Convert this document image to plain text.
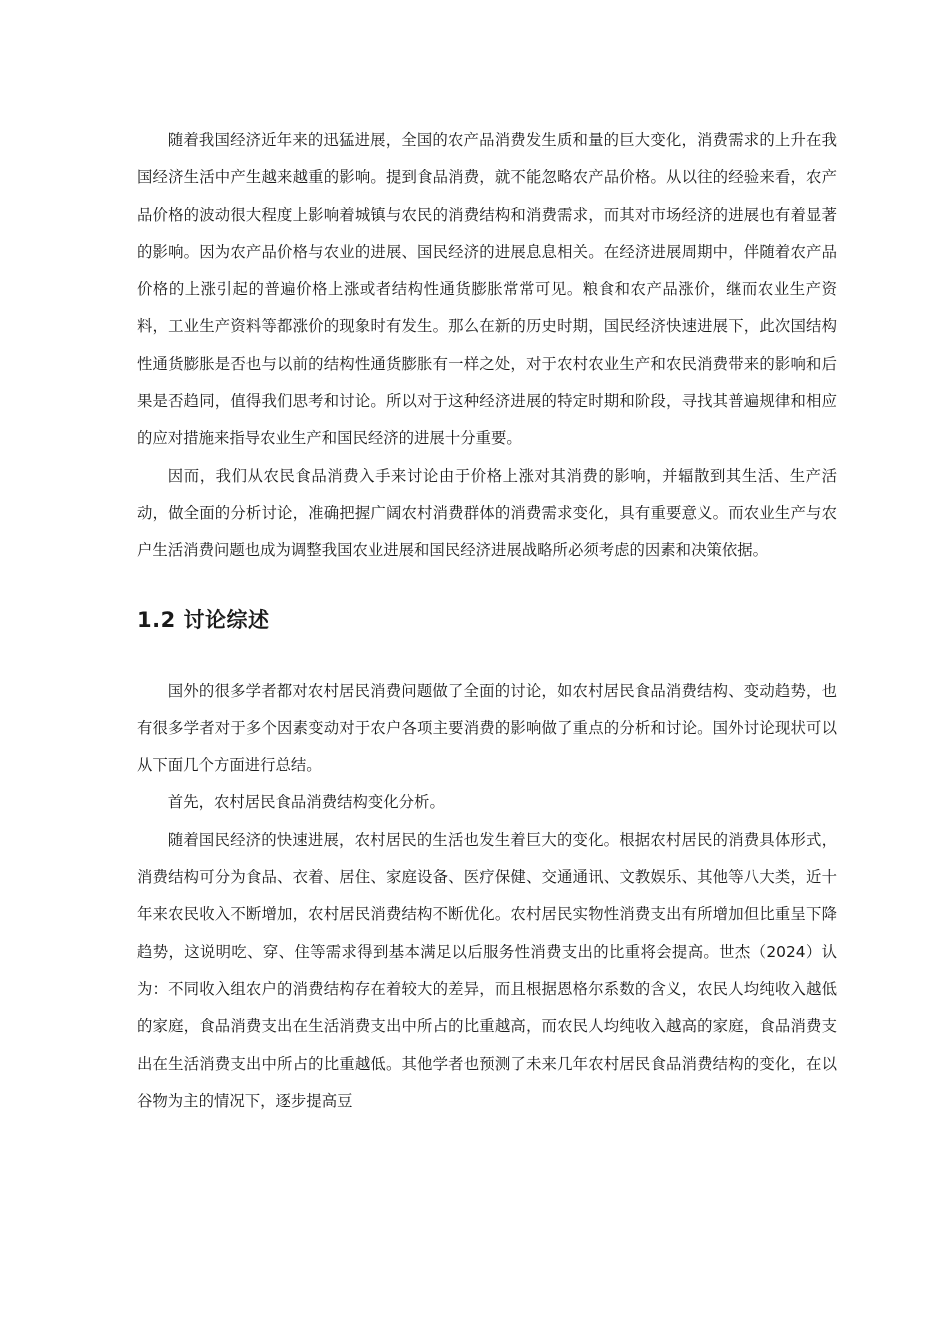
随着我国经济近年来的迅猛进展，全国的农产品消费发生质和量的巨大变化，消费需求的上升在我国经济生活中产生越来越重的影响。提到食品消费，就不能忽略农产品价格。从以往的经验来看，农产品价格的波动很大程度上影响着城镇与农民的消费结构和消费需求，而其对市场经济的进展也有着显著的影响。因为农产品价格与农业的进展、国民经济的进展息息相关。在经济进展周期中，伴随着农产品价格的上涨引起的普遍价格上涨或者结构性通货膨胀常常可见。粮食和农产品涨价，继而农业生产资料，工业生产资料等都涨价的现象时有发生。那么在新的历史时期，国民经济快速进展下，此次国结构性通货膨胀是否也与以前的结构性通货膨胀有一样之处，对于农村农业生产和农民消费带来的影响和后果是否趋同，值得我们思考和讨论。所以对于这种经济进展的特定时期和阶段，寻找其普遍规律和相应的应对措施来指导农业生产和国民经济的进展十分重要。

因而，我们从农民食品消费入手来讨论由于价格上涨对其消费的影响，并辐散到其生活、生产活动，做全面的分析讨论，准确把握广阔农村消费群体的消费需求变化，具有重要意义。而农业生产与农户生活消费问题也成为调整我国农业进展和国民经济进展战略所必须考虑的因素和决策依据。

1.2 讨论综述

国外的很多学者都对农村居民消费问题做了全面的讨论，如农村居民食品消费结构、变动趋势，也有很多学者对于多个因素变动对于农户各项主要消费的影响做了重点的分析和讨论。国外讨论现状可以从下面几个方面进行总结。

首先，农村居民食品消费结构变化分析。

随着国民经济的快速进展，农村居民的生活也发生着巨大的变化。根据农村居民的消费具体形式，消费结构可分为食品、衣着、居住、家庭设备、医疗保健、交通通讯、文教娱乐、其他等八大类，近十年来农民收入不断增加，农村居民消费结构不断优化。农村居民实物性消费支出有所增加但比重呈下降趋势，这说明吃、穿、住等需求得到基本满足以后服务性消费支出的比重将会提高。世杰（2024）认为：不同收入组农户的消费结构存在着较大的差异，而且根据恩格尔系数的含义，农民人均纯收入越低的家庭，食品消费支出在生活消费支出中所占的比重越高，而农民人均纯收入越高的家庭，食品消费支出在生活消费支出中所占的比重越低。其他学者也预测了未来几年农村居民食品消费结构的变化，在以谷物为主的情况下，逐步提高豆
